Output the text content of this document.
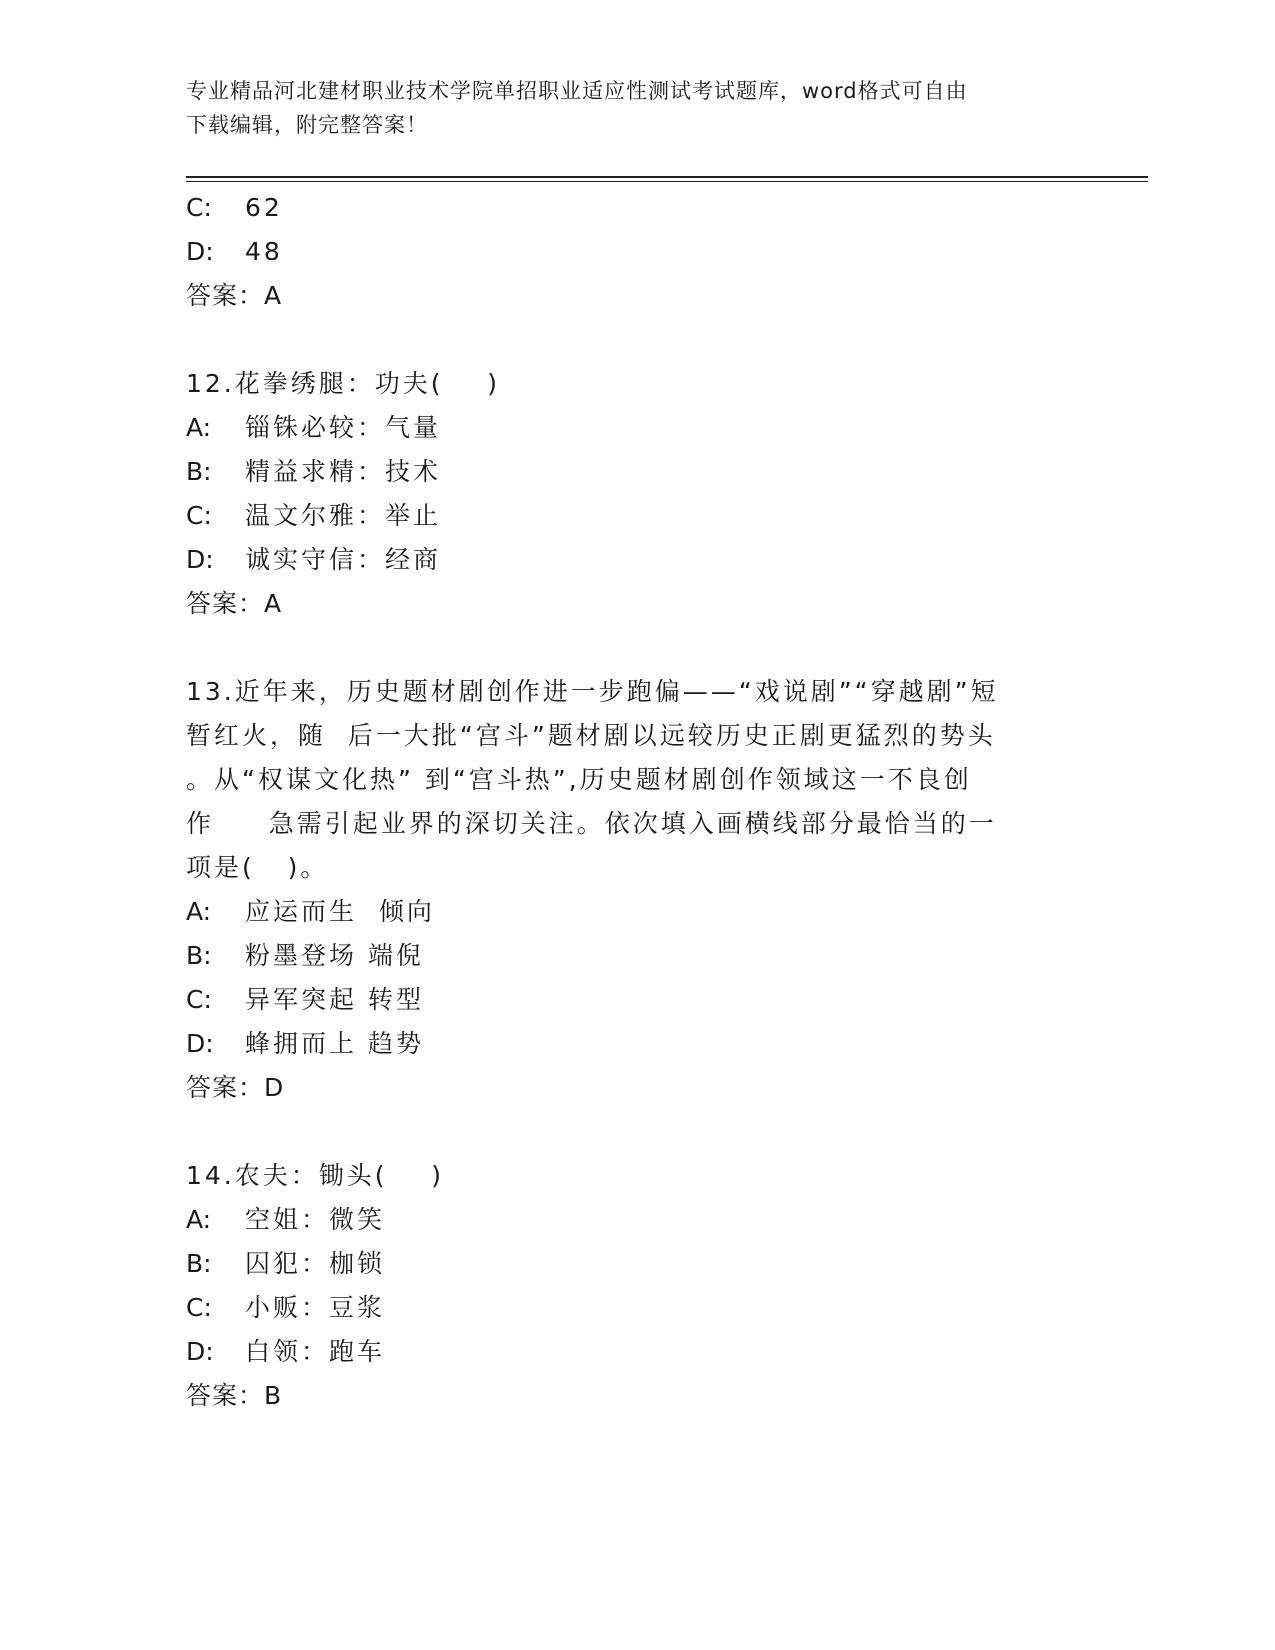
专业精品河北建材职业技术学院单招职业适应性测试考试题库，word格式可自由
下载编辑，附完整答案！
C: 62
D: 48
答案：A
12.花拳绣腿：功夫(    )
A: 锱铢必较：气量
B: 精益求精：技术
C: 温文尔雅：举止
D: 诚实守信：经商
答案：A
13.近年来，历史题材剧创作进一步跑偏——“戏说剧”“穿越剧”短
暂红火，随  后一大批“宫斗”题材剧以远较历史正剧更猛烈的势头
。从“权谋文化热” 到“宫斗热”,历史题材剧创作领域这一不良创
作     急需引起业界的深切关注。依次填入画横线部分最恰当的一
项是(   )。
A: 应运而生  倾向
B: 粉墨登场 端倪
C: 异军突起 转型
D: 蜂拥而上 趋势
答案：D
14.农夫：锄头(    )
A: 空姐：微笑
B: 囚犯：枷锁
C: 小贩：豆浆
D: 白领：跑车
答案：B
